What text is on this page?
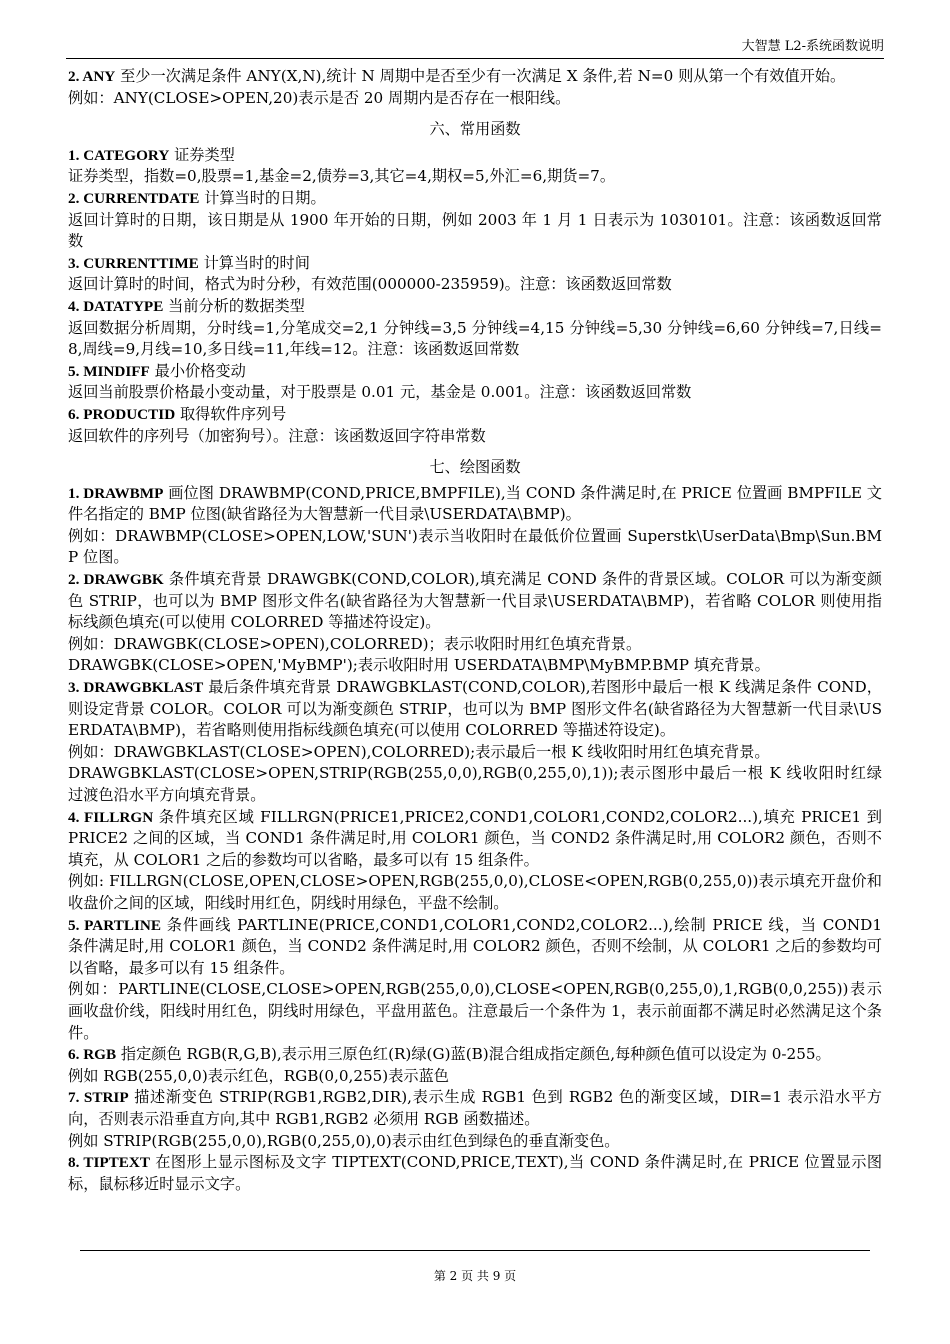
大智慧 L2-系统函数说明
2. ANY 至少一次满足条件 ANY(X,N),统计 N 周期中是否至少有一次满足 X 条件,若 N=0 则从第一个有效值开始。
例如：ANY(CLOSE>OPEN,20)表示是否 20 周期内是否存在一根阳线。
六、常用函数
1. CATEGORY 证券类型
证券类型，指数=0,股票=1,基金=2,债券=3,其它=4,期权=5,外汇=6,期货=7。
2. CURRENTDATE 计算当时的日期。
返回计算时的日期，该日期是从 1900 年开始的日期，例如 2003 年 1 月 1 日表示为 1030101。注意：该函数返回常数
3. CURRENTTIME 计算当时的时间
返回计算时的时间，格式为时分秒，有效范围(000000-235959)。注意：该函数返回常数
4. DATATYPE 当前分析的数据类型
返回数据分析周期，分时线=1,分笔成交=2,1 分钟线=3,5 分钟线=4,15 分钟线=5,30 分钟线=6,60 分钟线=7,日线=8,周线=9,月线=10,多日线=11,年线=12。注意：该函数返回常数
5. MINDIFF 最小价格变动
返回当前股票价格最小变动量，对于股票是 0.01 元，基金是 0.001。注意：该函数返回常数
6. PRODUCTID 取得软件序列号
返回软件的序列号（加密狗号）。注意：该函数返回字符串常数
七、绘图函数
1. DRAWBMP 画位图 DRAWBMP(COND,PRICE,BMPFILE),当 COND 条件满足时,在 PRICE 位置画 BMPFILE 文件名指定的 BMP 位图(缺省路径为大智慧新一代目录\USERDATA\BMP)。
例如：DRAWBMP(CLOSE>OPEN,LOW,'SUN')表示当收阳时在最低价位置画 Superstk\UserData\Bmp\Sun.BMP 位图。
2. DRAWGBK 条件填充背景 DRAWGBK(COND,COLOR),填充满足 COND 条件的背景区域。COLOR 可以为渐变颜色 STRIP，也可以为 BMP 图形文件名(缺省路径为大智慧新一代目录\USERDATA\BMP)，若省略 COLOR 则使用指标线颜色填充(可以使用 COLORRED 等描述符设定)。
例如：DRAWGBK(CLOSE>OPEN),COLORRED)；表示收阳时用红色填充背景。
DRAWGBK(CLOSE>OPEN,'MyBMP');表示收阳时用 USERDATA\BMP\MyBMP.BMP 填充背景。
3. DRAWGBKLAST 最后条件填充背景 DRAWGBKLAST(COND,COLOR),若图形中最后一根 K 线满足条件 COND，则设定背景 COLOR。COLOR 可以为渐变颜色 STRIP，也可以为 BMP 图形文件名(缺省路径为大智慧新一代目录\USERDATA\BMP)，若省略则使用指标线颜色填充(可以使用 COLORRED 等描述符设定)。
例如：DRAWGBKLAST(CLOSE>OPEN),COLORRED);表示最后一根 K 线收阳时用红色填充背景。
DRAWGBKLAST(CLOSE>OPEN,STRIP(RGB(255,0,0),RGB(0,255,0),1));表示图形中最后一根 K 线收阳时红绿过渡色沿水平方向填充背景。
4. FILLRGN 条件填充区域 FILLRGN(PRICE1,PRICE2,COND1,COLOR1,COND2,COLOR2...),填充 PRICE1 到 PRICE2 之间的区域，当 COND1 条件满足时,用 COLOR1 颜色，当 COND2 条件满足时,用 COLOR2 颜色，否则不填充，从 COLOR1 之后的参数均可以省略，最多可以有 15 组条件。
例如: FILLRGN(CLOSE,OPEN,CLOSE>OPEN,RGB(255,0,0),CLOSE<OPEN,RGB(0,255,0))表示填充开盘价和收盘价之间的区域，阳线时用红色，阴线时用绿色，平盘不绘制。
5. PARTLINE 条件画线 PARTLINE(PRICE,COND1,COLOR1,COND2,COLOR2...),绘制 PRICE 线，当 COND1 条件满足时,用 COLOR1 颜色，当 COND2 条件满足时,用 COLOR2 颜色，否则不绘制，从 COLOR1 之后的参数均可以省略，最多可以有 15 组条件。
例如：PARTLINE(CLOSE,CLOSE>OPEN,RGB(255,0,0),CLOSE<OPEN,RGB(0,255,0),1,RGB(0,0,255))表示画收盘价线，阳线时用红色，阴线时用绿色，平盘用蓝色。注意最后一个条件为 1，表示前面都不满足时必然满足这个条件。
6. RGB 指定颜色 RGB(R,G,B),表示用三原色红(R)绿(G)蓝(B)混合组成指定颜色,每种颜色值可以设定为 0-255。
例如 RGB(255,0,0)表示红色，RGB(0,0,255)表示蓝色
7. STRIP 描述渐变色 STRIP(RGB1,RGB2,DIR),表示生成 RGB1 色到 RGB2 色的渐变区域，DIR=1 表示沿水平方向，否则表示沿垂直方向,其中 RGB1,RGB2 必须用 RGB 函数描述。
例如 STRIP(RGB(255,0,0),RGB(0,255,0),0)表示由红色到绿色的垂直渐变色。
8. TIPTEXT 在图形上显示图标及文字 TIPTEXT(COND,PRICE,TEXT),当 COND 条件满足时,在 PRICE 位置显示图标，鼠标移近时显示文字。
第 2 页 共 9 页
